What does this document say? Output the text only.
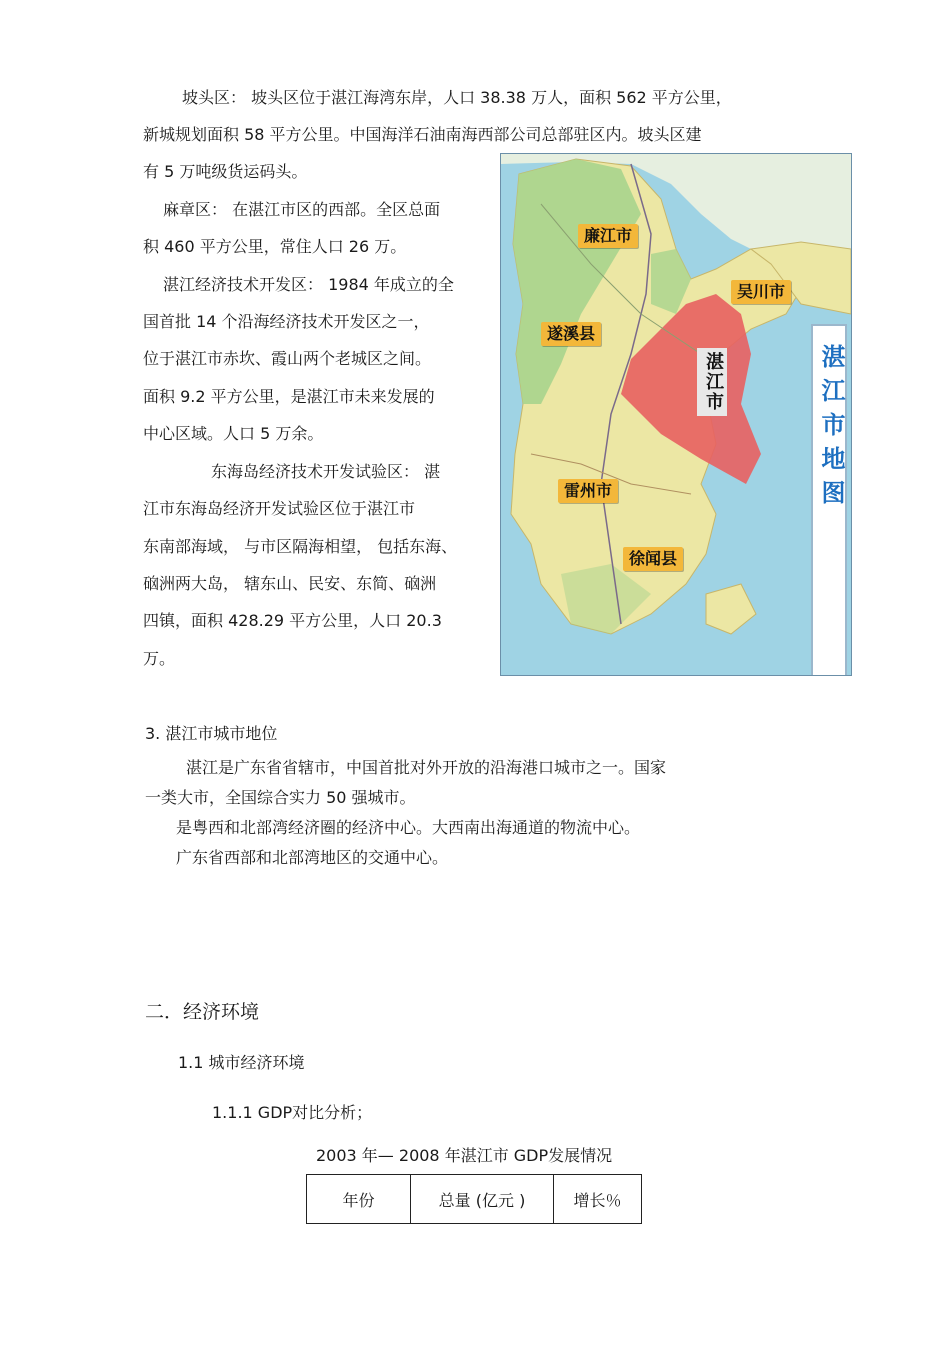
坡头区： 坡头区位于湛江海湾东岸，人口 38.38 万人，面积 562 平方公里，
新城规划面积 58 平方公里。中国海洋石油南海西部公司总部驻区内。坡头区建
有 5 万吨级货运码头。
麻章区： 在湛江市区的西部。全区总面
积 460 平方公里，常住人口 26 万。
湛江经济技术开发区： 1984 年成立的全
国首批 14 个沿海经济技术开发区之一，
位于湛江市赤坎、霞山两个老城区之间。
面积 9.2 平方公里，是湛江市未来发展的
中心区域。人口 5 万余。
东海岛经济技术开发试验区： 湛
江市东海岛经济开发试验区位于湛江市
东南部海域， 与市区隔海相望， 包括东海、
硇洲两大岛， 辖东山、民安、东简、硇洲
四镇，面积 428.29 平方公里，人口 20.3
万。
廉江市
吴川市
遂溪县
湛江市
雷州市
徐闻县
湛江市地图
3. 湛江市城市地位
湛江是广东省省辖市，中国首批对外开放的沿海港口城市之一。国家
一类大市，全国综合实力 50 强城市。
是粤西和北部湾经济圈的经济中心。大西南出海通道的物流中心。
广东省西部和北部湾地区的交通中心。
二．经济环境
1.1 城市经济环境
1.1.1 GDP对比分析；
2003 年— 2008 年湛江市 GDP发展情况
年份	总量 (亿元 )	增长％
